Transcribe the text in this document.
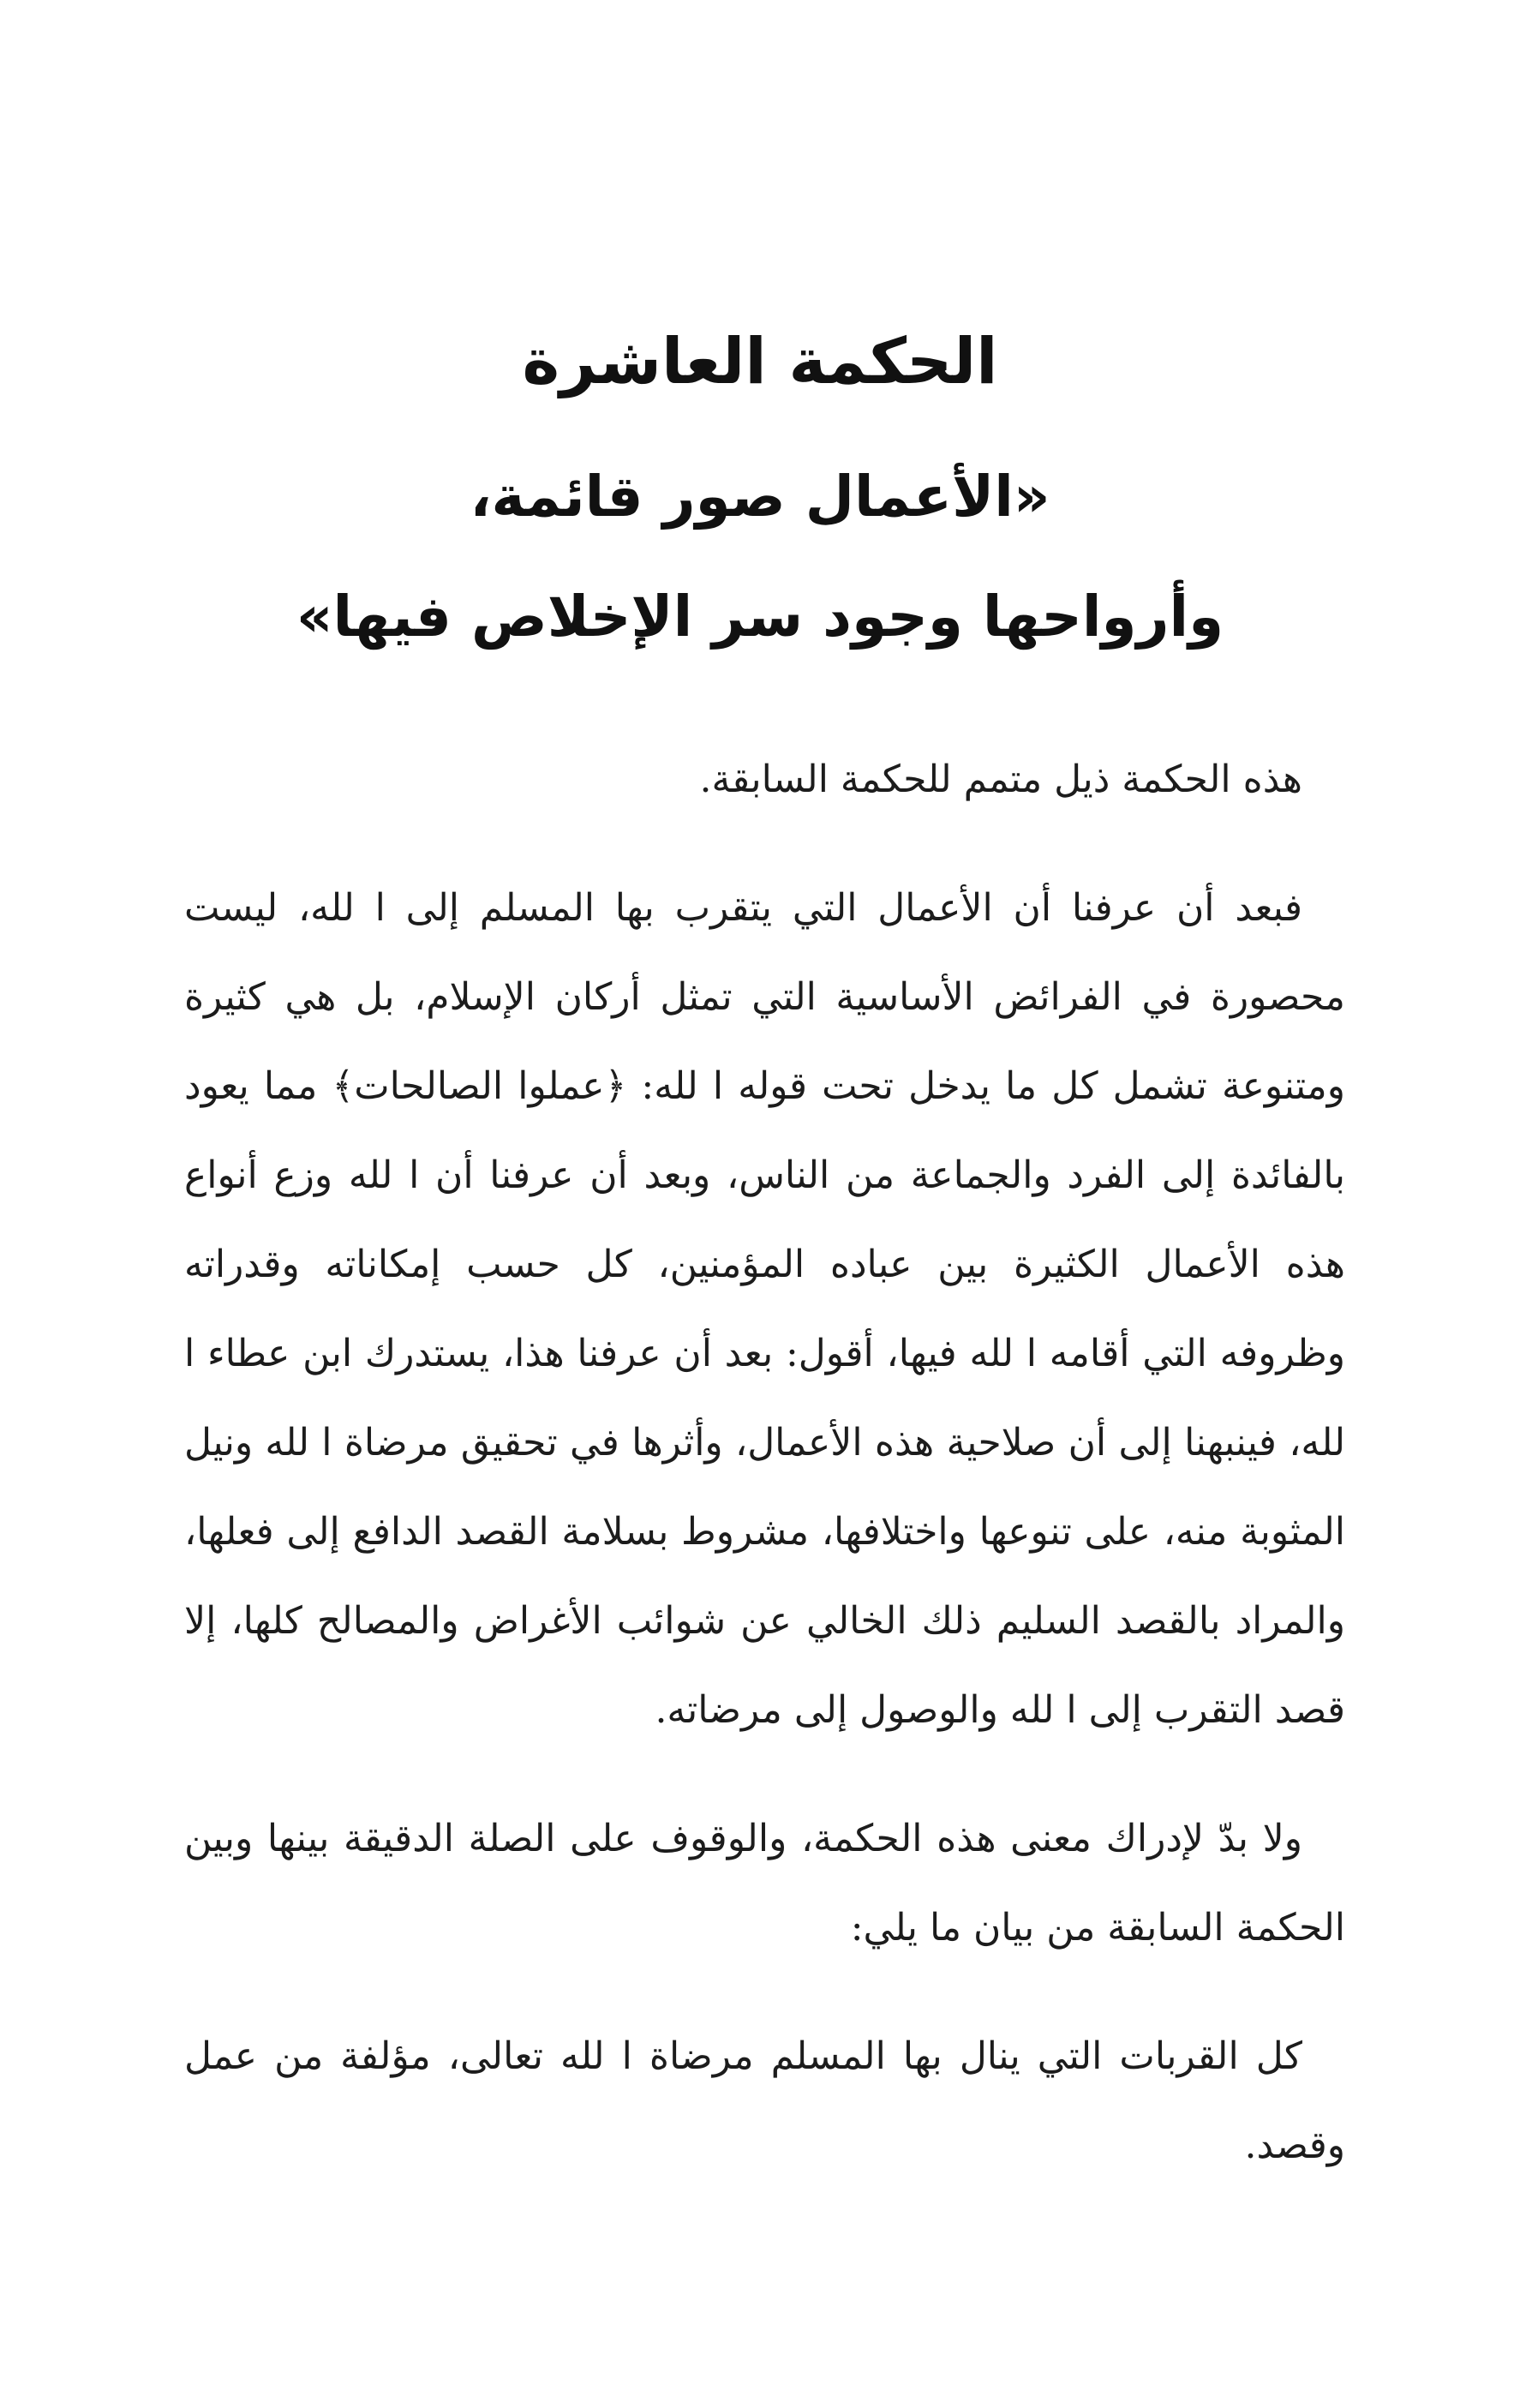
الحكمة العاشرة
«الأعمال صور قائمة،
وأرواحها وجود سر الإخلاص فيها»

هذه الحكمة ذيل متمم للحكمة السابقة.

فبعد أن عرفنا أن الأعمال التي يتقرب بها المسلم إلى ا لله، ليست محصورة في الفرائض الأساسية التي تمثل أركان الإسلام، بل هي كثيرة ومتنوعة تشمل كل ما يدخل تحت قوله ا لله: ﴿عملوا الصالحات﴾ مما يعود بالفائدة إلى الفرد والجماعة من الناس، وبعد أن عرفنا أن ا لله وزع أنواع هذه الأعمال الكثيرة بين عباده المؤمنين، كل حسب إمكاناته وقدراته وظروفه التي أقامه ا لله فيها، أقول: بعد أن عرفنا هذا، يستدرك ابن عطاء ا لله، فينبهنا إلى أن صلاحية هذه الأعمال، وأثرها في تحقيق مرضاة ا لله ونيل المثوبة منه، على تنوعها واختلافها، مشروط بسلامة القصد الدافع إلى فعلها، والمراد بالقصد السليم ذلك الخالي عن شوائب الأغراض والمصالح كلها، إلا قصد التقرب إلى ا لله والوصول إلى مرضاته.

ولا بدّ لإدراك معنى هذه الحكمة، والوقوف على الصلة الدقيقة بينها وبين الحكمة السابقة من بيان ما يلي:

كل القربات التي ينال بها المسلم مرضاة ا لله تعالى، مؤلفة من عمل وقصد.
